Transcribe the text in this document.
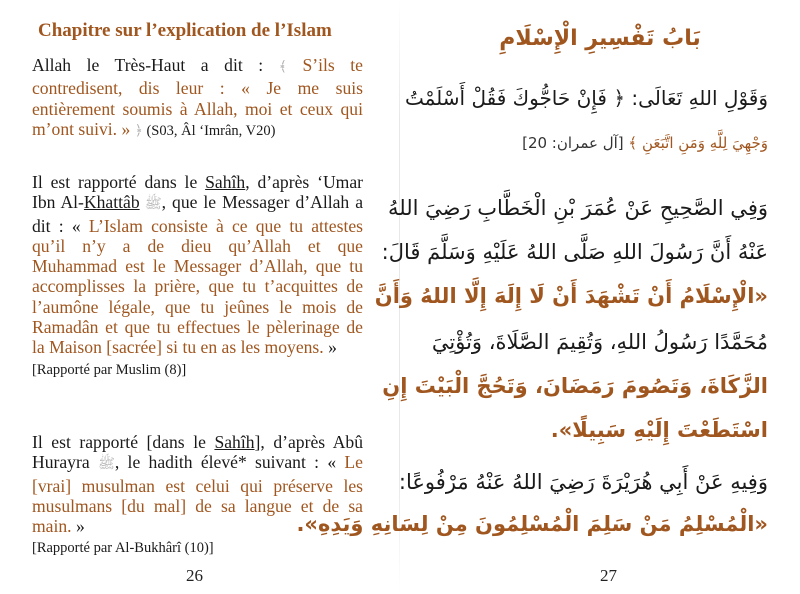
Chapitre sur l’explication de l’Islam

Allah le Très-Haut a dit : ﴾ S’ils te contredisent, dis leur : « Je me suis entièrement soumis à Allah, moi et ceux qui m’ont suivi. » ﴿ (S03, Âl ‘Imrân, V20)

Il est rapporté dans le Sahîh, d’après ‘Umar Ibn Al-Khattâb ﷺ, que le Messager d’Allah a dit : « L’Islam consiste à ce que tu attestes qu’il n’y a de dieu qu’Allah et que Muhammad est le Messager d’Allah, que tu accomplisses la prière, que tu t’acquittes de l’aumône légale, que tu jeûnes le mois de Ramadân et que tu effectues le pèlerinage de la Maison [sacrée] si tu en as les moyens. »
[Rapporté par Muslim (8)]

Il est rapporté [dans le Sahîh], d’après Abû Hurayra ﷺ, le hadith élevé* suivant : « Le [vrai] musulman est celui qui préserve les musulmans [du mal] de sa langue et de sa main. »
[Rapporté par Al-Bukhârî (10)]

26
بَابُ تَفْسِيرِ الْإِسْلَامِ
وَقَوْلِ اللهِ تَعَالَى: ﴿ فَإِنْ حَاجُّوكَ فَقُلْ أَسْلَمْتُ
وَجْهِيَ لِلَّهِ وَمَنِ اتَّبَعَنِ ﴾ [آل عمران: 20]
وَفِي الصَّحِيحِ عَنْ عُمَرَ بْنِ الْخَطَّابِ رَضِيَ اللهُ
عَنْهُ أَنَّ رَسُولَ اللهِ صَلَّى اللهُ عَلَيْهِ وَسَلَّمَ قَالَ:
«الْإِسْلَامُ أَنْ تَشْهَدَ أَنْ لَا إِلَهَ إِلَّا اللهُ وَأَنَّ
مُحَمَّدًا رَسُولُ اللهِ، وَتُقِيمَ الصَّلَاةَ، وَتُؤْتِيَ
الزَّكَاةَ، وَتَصُومَ رَمَضَانَ، وَتَحُجَّ الْبَيْتَ إِنِ
اسْتَطَعْتَ إِلَيْهِ سَبِيلًا».
وَفِيهِ عَنْ أَبِي هُرَيْرَةَ رَضِيَ اللهُ عَنْهُ مَرْفُوعًا:
«الْمُسْلِمُ مَنْ سَلِمَ الْمُسْلِمُونَ مِنْ لِسَانِهِ وَيَدِهِ».
27
